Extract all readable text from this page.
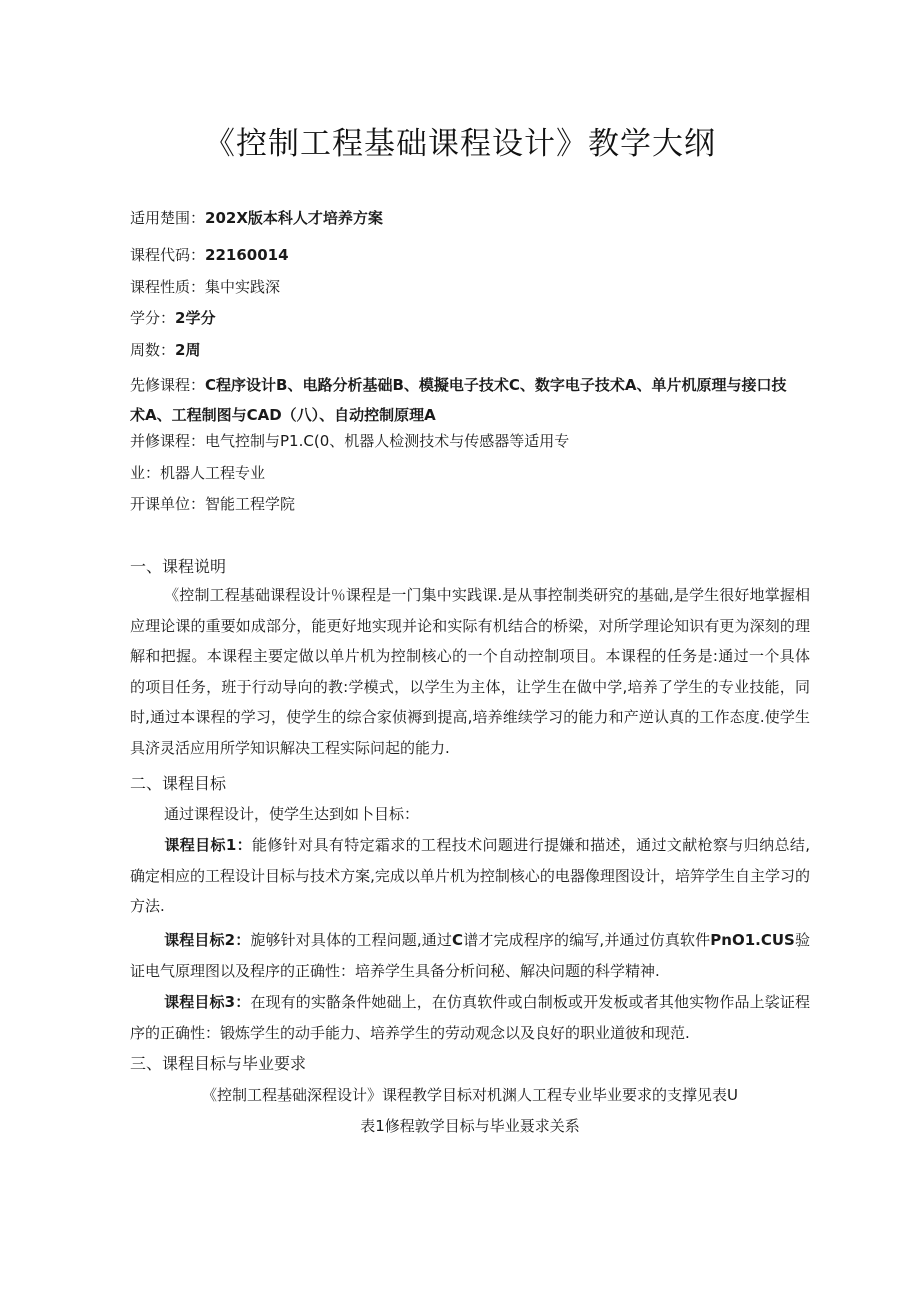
《控制工程基础课程设计》教学大纲
适用楚围：202X版本科人才培养方案
课程代码：22160014
课程性质：集中实践深
学分：2学分
周数：2周
先修课程：C程序设计B、电路分析基础B、模擬电子技术C、数字电子技术A、单片机原理与接口技
术A、工程制图与CAD（八）、自动控制原理A
并修课程：电气控制与P1.C(0、机器人检测技术与传感器等适用专
业：机器人工程专业
开课单位：智能工程学院
一、课程说明
《控制工程基础课程设计％课程是一门集中实践课.是从事控制类研究的基础,是学生很好地掌握相应理论课的重要如成部分，能更好地实现并论和实际有机结合的桥梁，对所学理论知识有更为深刻的理解和把握。本课程主要定做以单片机为控制核心的一个自动控制项目。本课程的任务是:通过一个具体的项目任务，班于行动导向的教:学模式，以学生为主体，让学生在做中学,培养了学生的专业技能，同时,通过本课程的学习，使学生的综合家侦褥到提高,培养维续学习的能力和产逆认真的工作态度.使学生具济灵活应用所学知识解决工程实际问起的能力.
二、课程目标
通过课程设计，使学生达到如卜目标：
课程目标1：能修针对具有特定霜求的工程技术问题进行提嫌和描述，通过文献枪察与归纳总结, 确定相应的工程设计目标与技术方案,完成以单片机为控制核心的电器像理图设计，培笄学生自主学习的方法.
课程目标2：旎够针对具体的工程问题,通过C谱才完成程序的编写,并通过仿真软件PnO1.CUS验证电气原理图以及程序的正确性：培养学生具备分析问秘、解决问题的科学精神.
课程目标3：在现有的实骼条件她础上，在仿真软件或白制板或开发板或者其他实物作品上裟证程序的正确性：锻炼学生的动手能力、培养学生的劳动观念以及良好的职业道彼和现范.
三、课程目标与毕业要求
《控制工程基础深程设计》课程教学目标对机渊人工程专业毕业要求的支撑见表U
表1修程敦学目标与毕业聂求关系
